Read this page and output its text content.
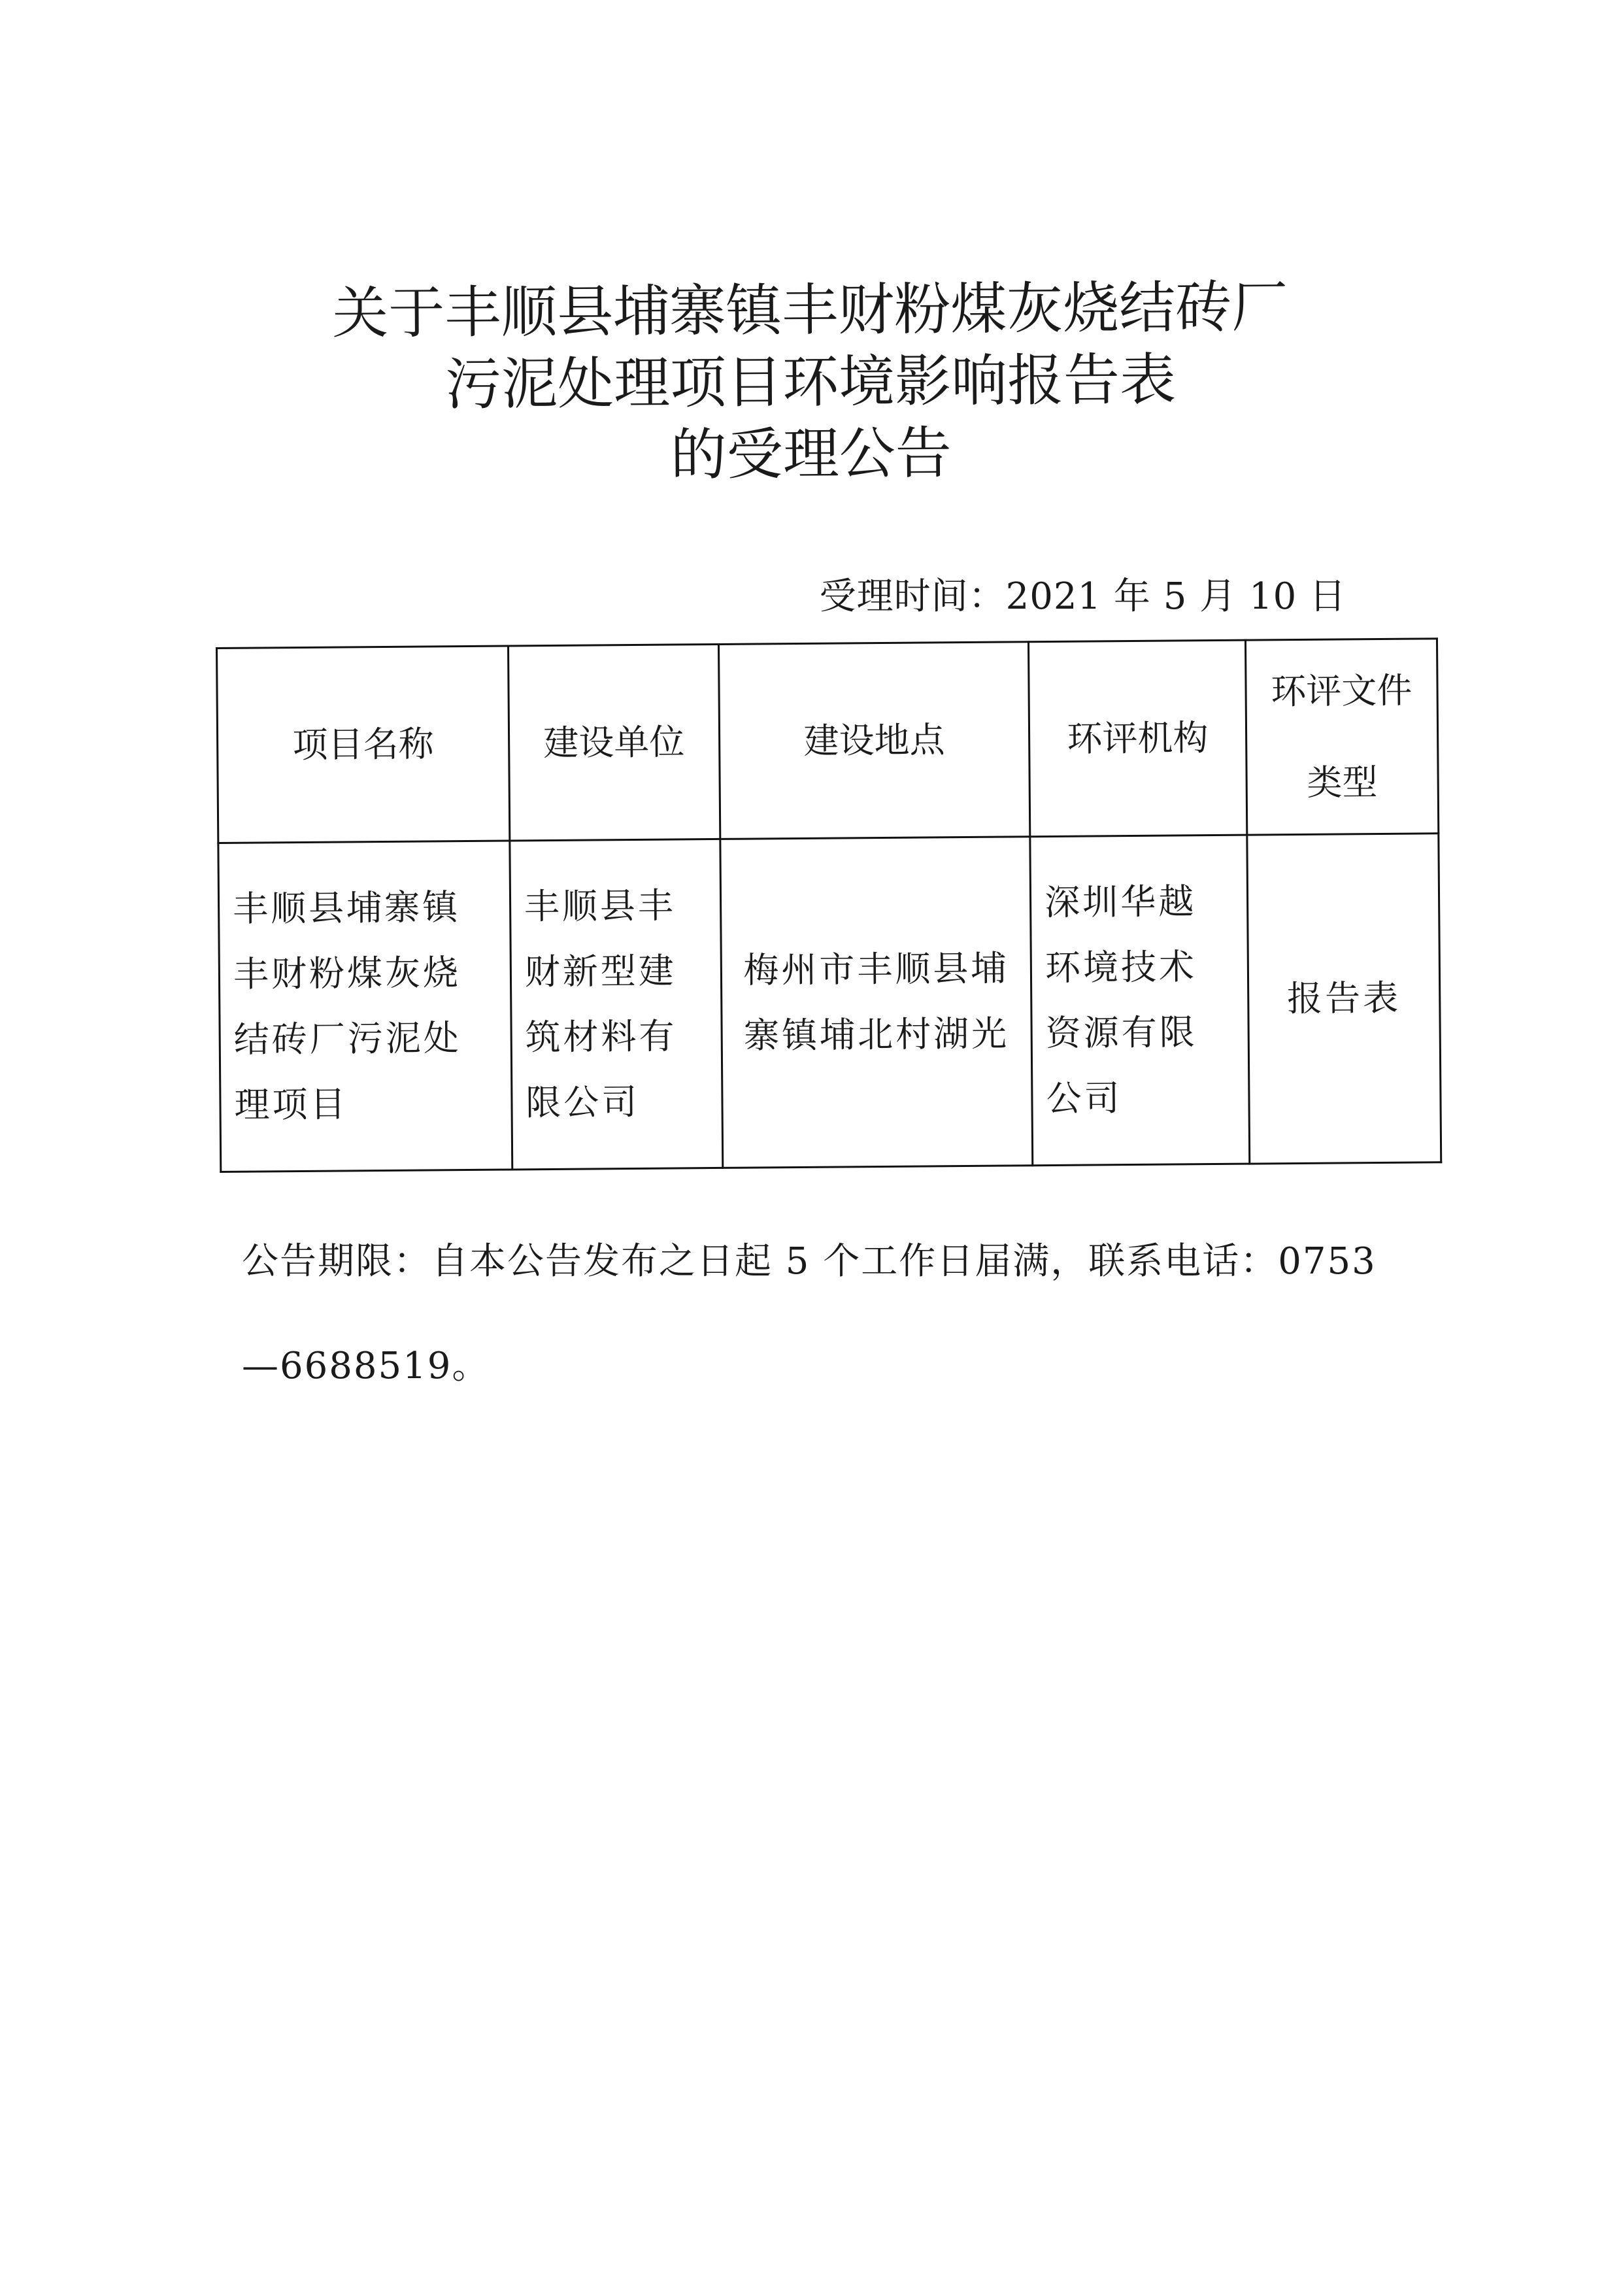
关于丰顺县埔寨镇丰财粉煤灰烧结砖厂
污泥处理项目环境影响报告表
的受理公告
受理时间：2021 年 5 月 10 日
项目名称	建设单位	建设地点	环评机构	环评文件类型
丰顺县埔寨镇丰财粉煤灰烧结砖厂污泥处理项目	丰顺县丰财新型建筑材料有限公司	梅州市丰顺县埔寨镇埔北村湖光	深圳华越环境技术资源有限公司	报告表
公告期限：自本公告发布之日起 5 个工作日届满，联系电话：0753—6688519。
